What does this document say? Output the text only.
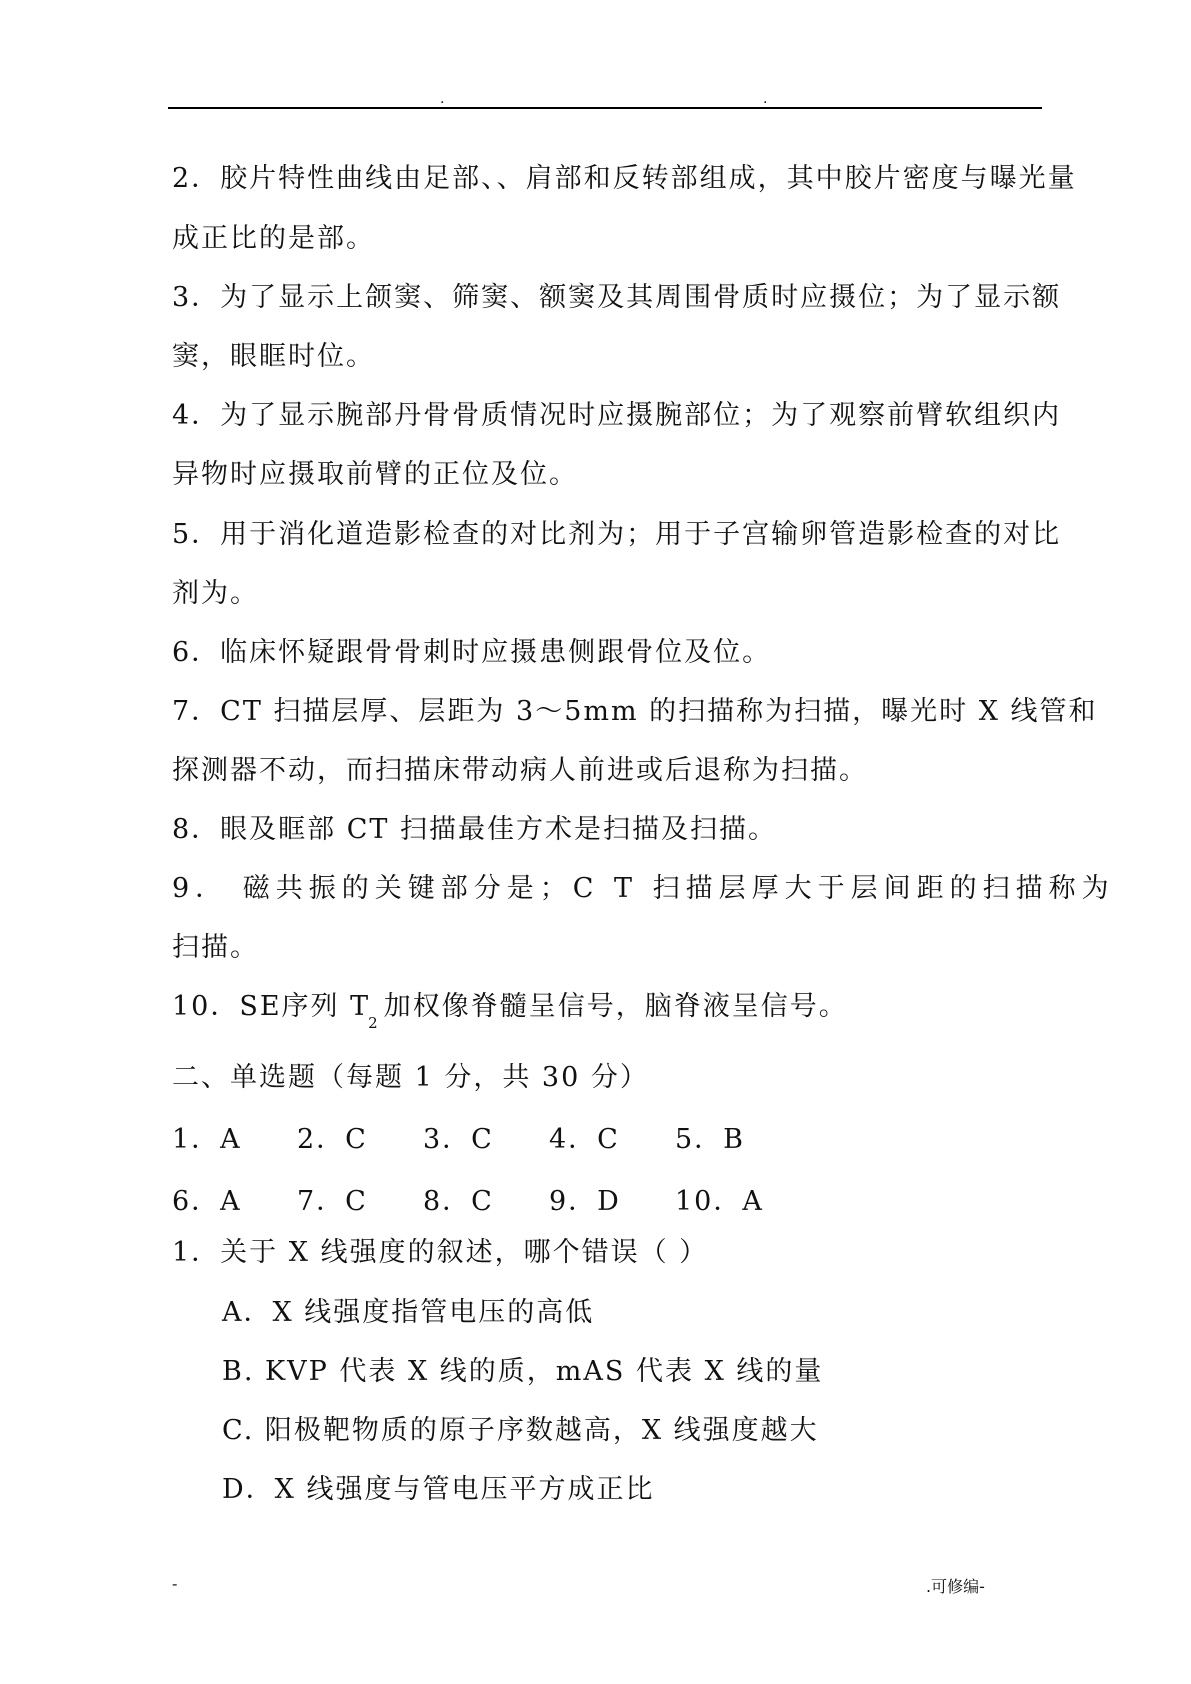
.	.
2．胶片特性曲线由足部、、肩部和反转部组成，其中胶片密度与曝光量
成正比的是部。
3．为了显示上颌窦、筛窦、额窦及其周围骨质时应摄位；为了显示额
窦，眼眶时位。
4．为了显示腕部丹骨骨质情况时应摄腕部位；为了观察前臂软组织内
异物时应摄取前臂的正位及位。
5．用于消化道造影检查的对比剂为；用于子宫输卵管造影检查的对比
剂为。
6．临床怀疑跟骨骨刺时应摄患侧跟骨位及位。
7．CT 扫描层厚、层距为 3～5mm 的扫描称为扫描，曝光时 X 线管和
探测器不动，而扫描床带动病人前进或后退称为扫描。
8．眼及眶部 CT 扫描最佳方术是扫描及扫描。
9． 磁共振的关键部分是；C T 扫描层厚大于层间距的扫描称为
扫描。
10．SE序列 $T_2$加权像脊髓呈信号，脑脊液呈信号。
二、单选题（每题 1 分，共 30 分）
1．A 2．C 3．C 4．C 5．B
6．A 7．C 8．C 9．D 10．A
1．关于 X 线强度的叙述，哪个错误（ ）
A．X 线强度指管电压的高低
B. KVP 代表 X 线的质，mAS 代表 X 线的量
C. 阳极靶物质的原子序数越高，X 线强度越大
D．X 线强度与管电压平方成正比
-	.可修编-
